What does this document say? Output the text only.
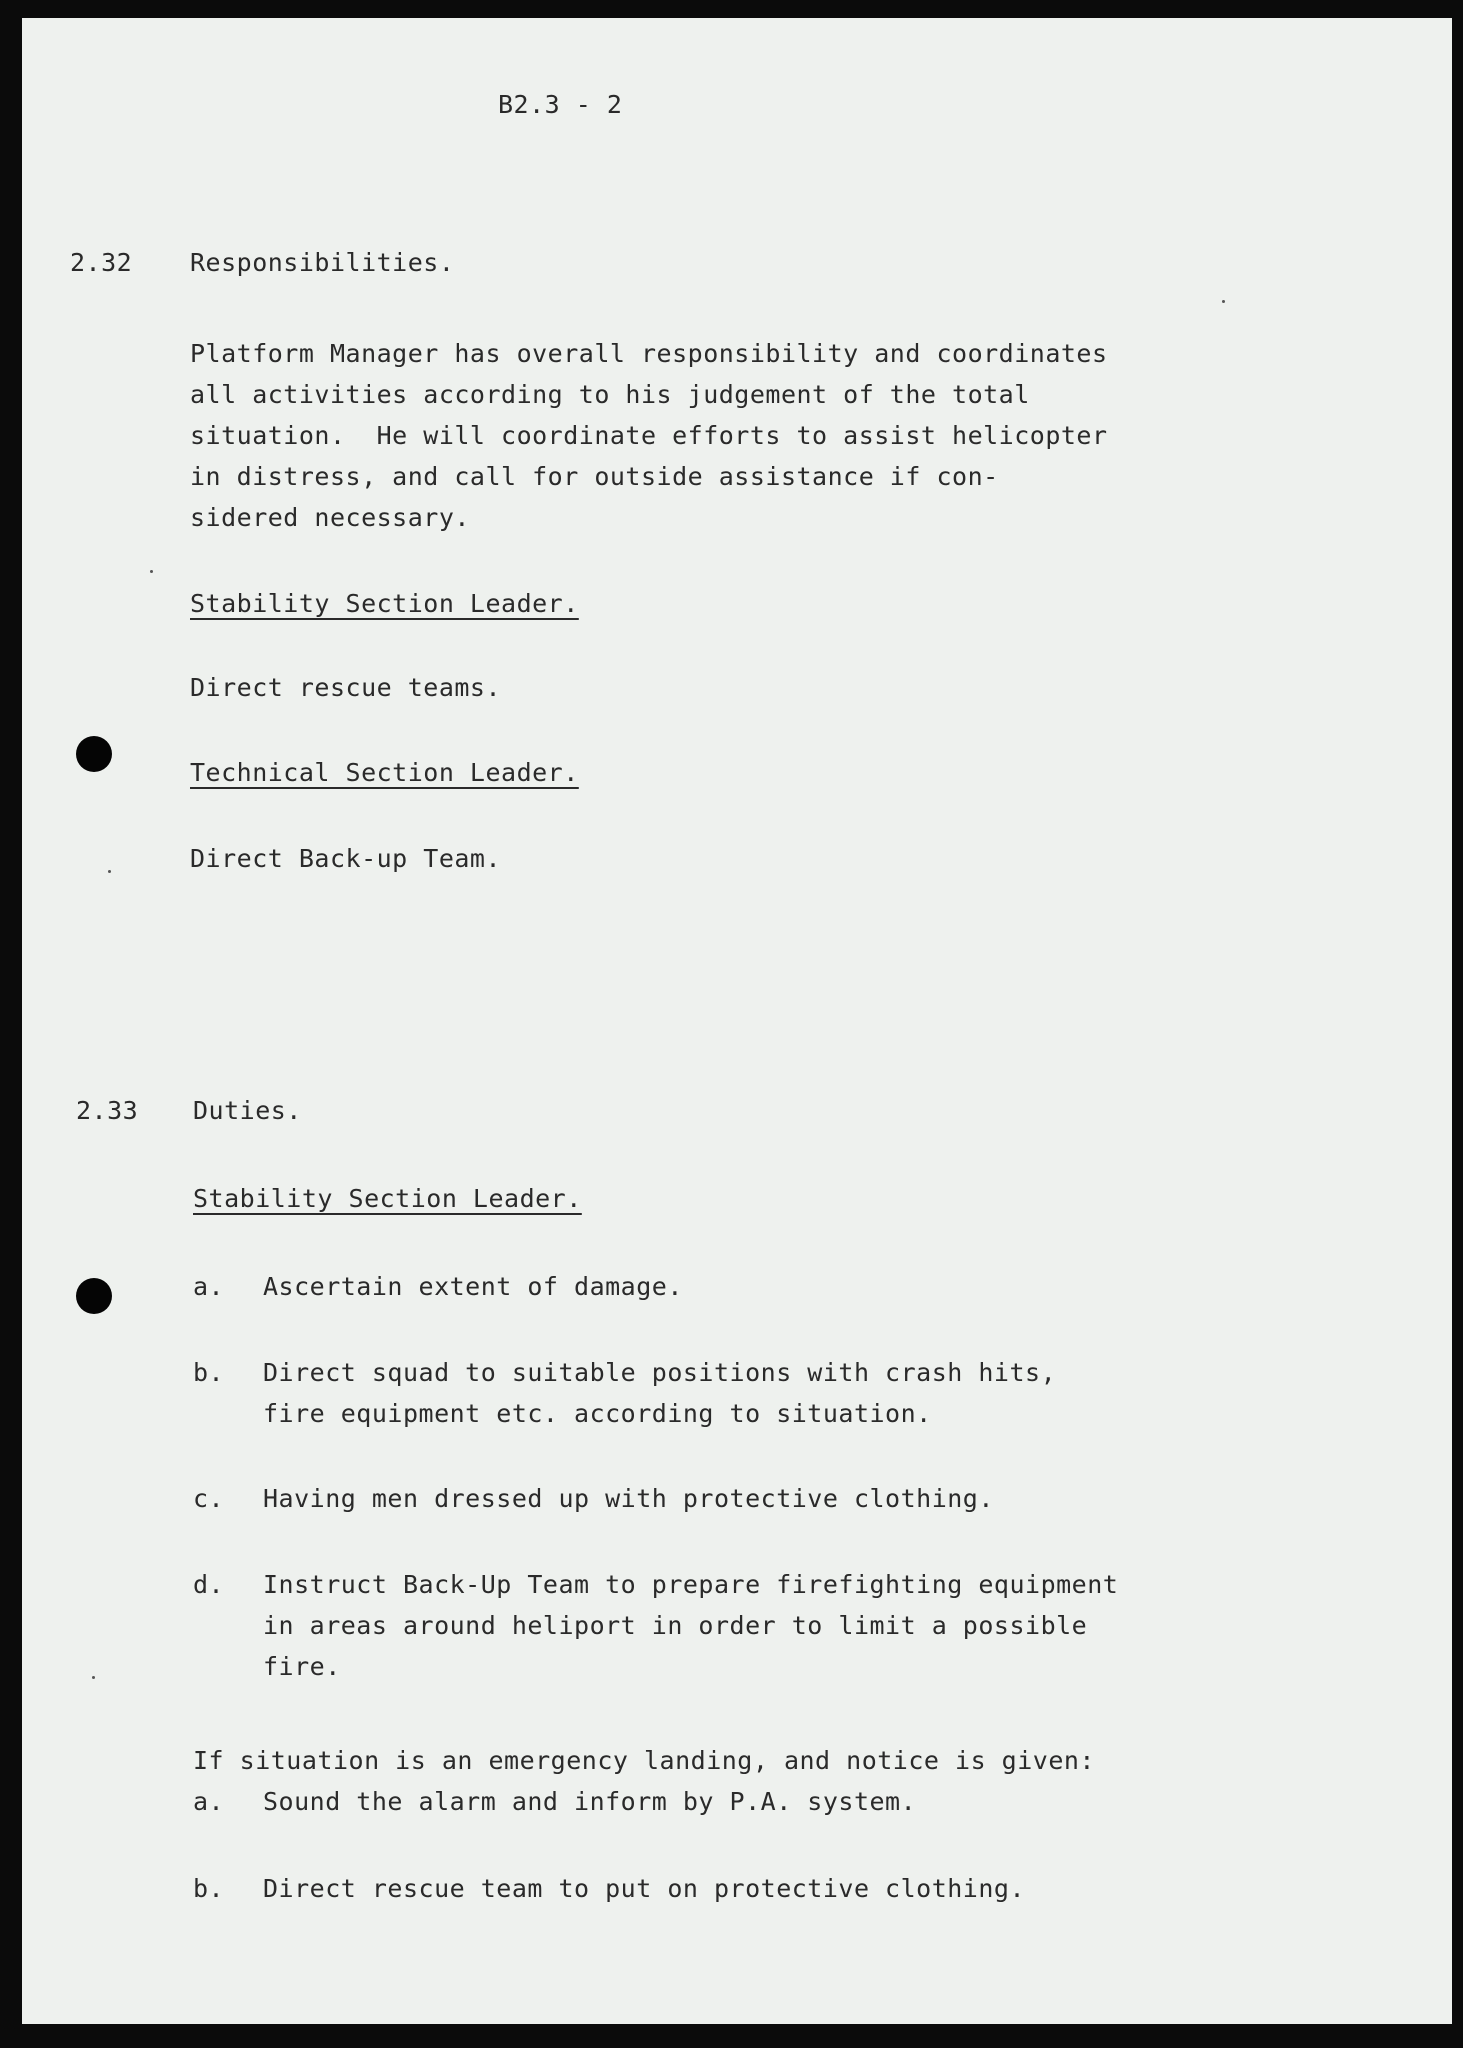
B2.3 - 2
2.32 Responsibilities.
Platform Manager has overall responsibility and coordinates
all activities according to his judgement of the total
situation.  He will coordinate efforts to assist helicopter
in distress, and call for outside assistance if con-
sidered necessary.
Stability Section Leader.
Direct rescue teams.
Technical Section Leader.
Direct Back-up Team.
2.33 Duties.
Stability Section Leader.
a. Ascertain extent of damage.
b. Direct squad to suitable positions with crash hits,
fire equipment etc. according to situation.
c. Having men dressed up with protective clothing.
d. Instruct Back-Up Team to prepare firefighting equipment
in areas around heliport in order to limit a possible
fire.
If situation is an emergency landing, and notice is given:
a. Sound the alarm and inform by P.A. system.
b. Direct rescue team to put on protective clothing.
